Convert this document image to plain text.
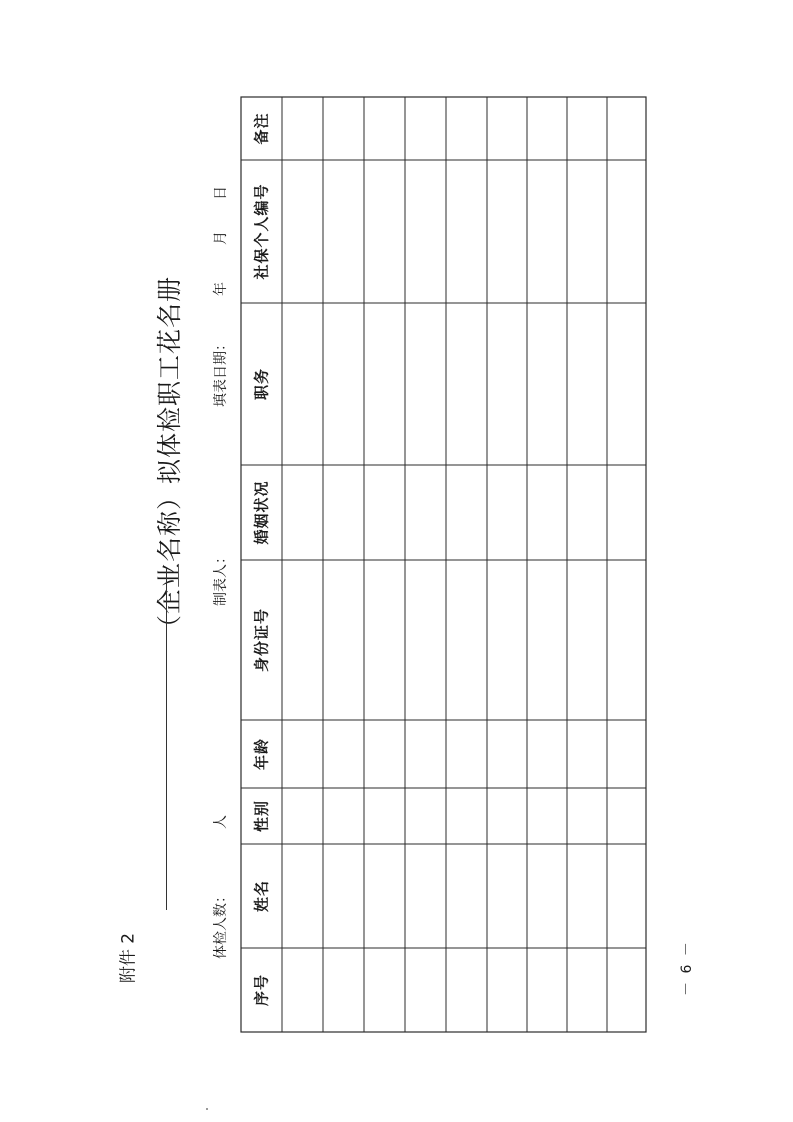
附件 2
（企业名称）拟体检职工花名册
体检人数：
人
制表人：
填表日期：
年
月
日
序号
姓名
性别
年龄
身份证号
婚姻状况
职务
社保个人编号
备注
－ 6 －
